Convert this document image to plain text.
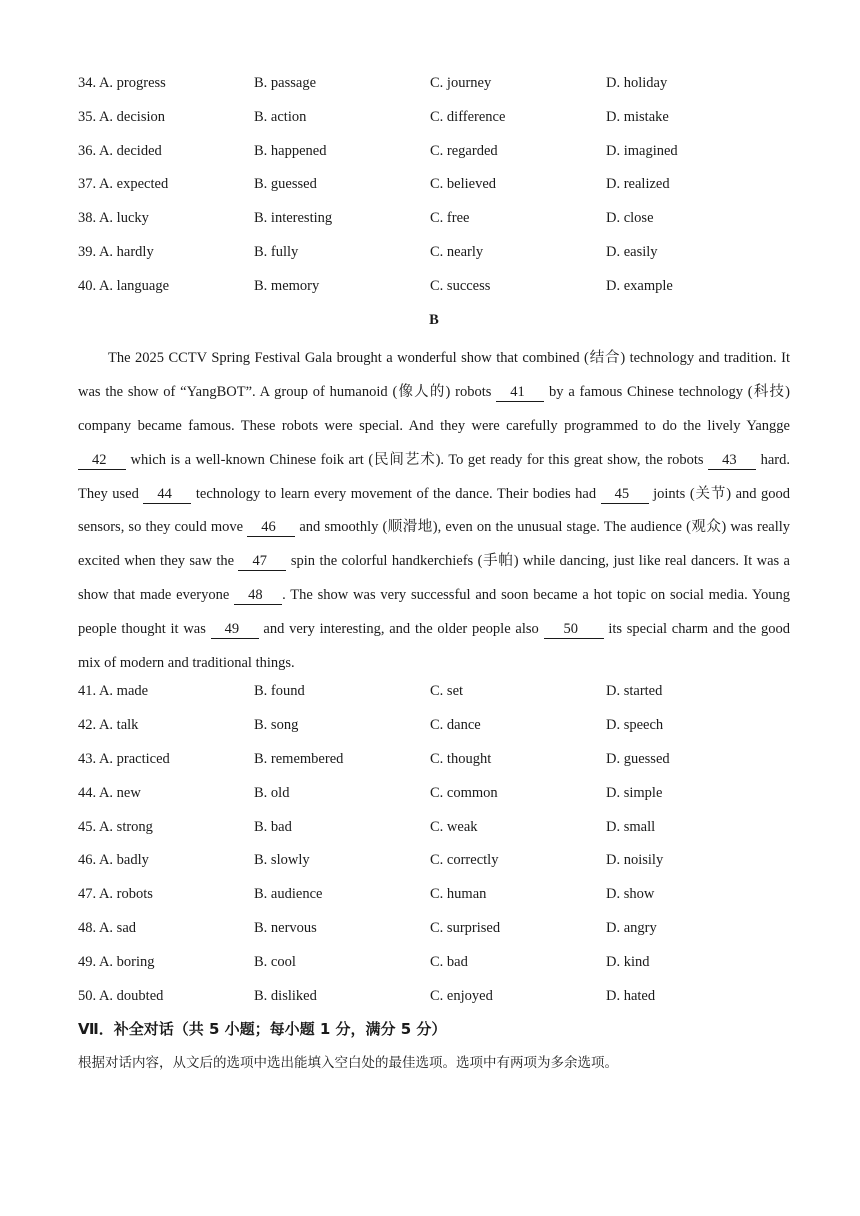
34. A. progress	B. passage	C. journey	D. holiday
35. A. decision	B. action	C. difference	D. mistake
36. A. decided	B. happened	C. regarded	D. imagined
37. A. expected	B. guessed	C. believed	D. realized
38. A. lucky	B. interesting	C. free	D. close
39. A. hardly	B. fully	C. nearly	D. easily
40. A. language	B. memory	C. success	D. example
B

The 2025 CCTV Spring Festival Gala brought a wonderful show that combined (结合) technology and tradition. It was the show of “YangBOT”. A group of humanoid (像人的) robots 41 by a famous Chinese technology (科技) company became famous. These robots were special. And they were carefully programmed to do the lively Yangge 42 which is a well-known Chinese foik art (民间艺术). To get ready for this great show, the robots 43 hard. They used 44 technology to learn every movement of the dance. Their bodies had 45 joints (关节) and good sensors, so they could move 46 and smoothly (顺滑地), even on the unusual stage. The audience (观众) was really excited when they saw the 47 spin the colorful handkerchiefs (手帕) while dancing, just like real dancers. It was a show that made everyone 48 . The show was very successful and soon became a hot topic on social media. Young people thought it was 49 and very interesting, and the older people also 50 its special charm and the good mix of modern and traditional things.

41. A. made	B. found	C. set	D. started
42. A. talk	B. song	C. dance	D. speech
43. A. practiced	B. remembered	C. thought	D. guessed
44. A. new	B. old	C. common	D. simple
45. A. strong	B. bad	C. weak	D. small
46. A. badly	B. slowly	C. correctly	D. noisily
47. A. robots	B. audience	C. human	D. show
48. A. sad	B. nervous	C. surprised	D. angry
49. A. boring	B. cool	C. bad	D. kind
50. A. doubted	B. disliked	C. enjoyed	D. hated
Ⅶ．补全对话（共 5 小题；每小题 1 分，满分 5 分）
根据对话内容，从文后的选项中选出能填入空白处的最佳选项。选项中有两项为多余选项。
